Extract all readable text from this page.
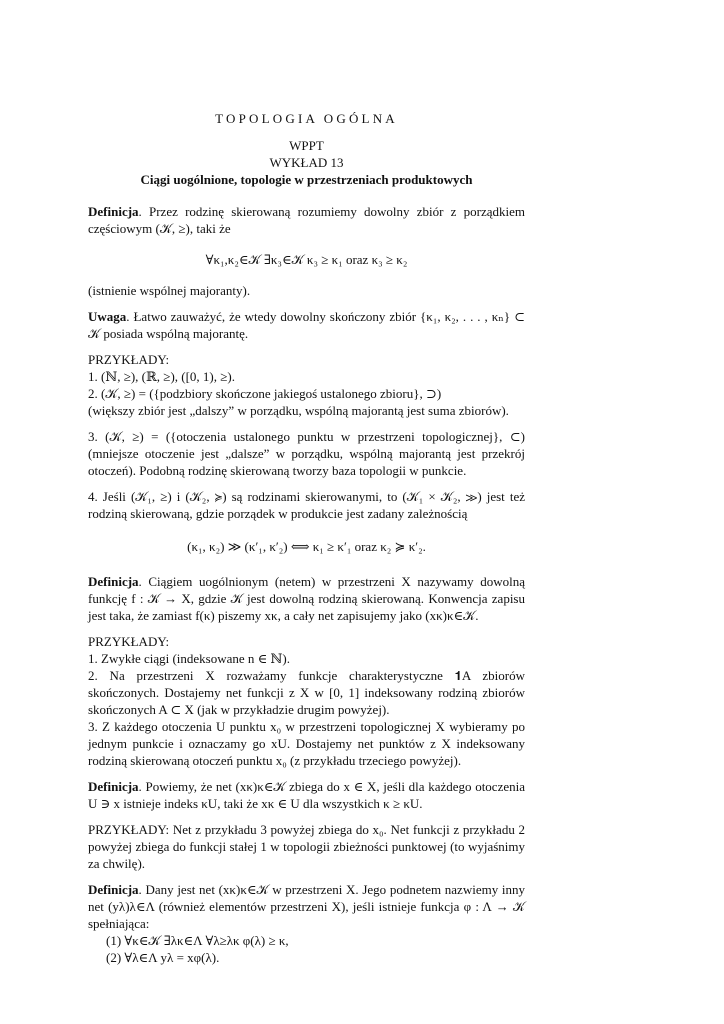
TOPOLOGIA OGÓLNA
WPPT
WYKŁAD 13
Ciągi uogólnione, topologie w przestrzeniach produktowych

Definicja. Przez rodzinę skierowaną rozumiemy dowolny zbiór z porządkiem częściowym (𝒦, ≥), taki że

∀κ₁,κ₂∈𝒦 ∃κ₃∈𝒦 κ₃ ≥ κ₁ oraz κ₃ ≥ κ₂

(istnienie wspólnej majoranty).

Uwaga. Łatwo zauważyć, że wtedy dowolny skończony zbiór {κ₁, κ₂, . . . , κₙ} ⊂ 𝒦 posiada wspólną majorantę.

PRZYKŁADY:

1. (ℕ, ≥), (ℝ, ≥), ([0, 1), ≥).

2. (𝒦, ≥) = ({podzbiory skończone jakiegoś ustalonego zbioru}, ⊃)

(większy zbiór jest „dalszy” w porządku, wspólną majorantą jest suma zbiorów).

3. (𝒦, ≥) = ({otoczenia ustalonego punktu w przestrzeni topologicznej}, ⊂) (mniejsze otoczenie jest „dalsze” w porządku, wspólną majorantą jest przekrój otoczeń). Podobną rodzinę skierowaną tworzy baza topologii w punkcie.

4. Jeśli (𝒦₁, ≥) i (𝒦₂, ≽) są rodzinami skierowanymi, to (𝒦₁ × 𝒦₂, ≫) jest też rodziną skierowaną, gdzie porządek w produkcie jest zadany zależnością

(κ₁, κ₂) ≫ (κ′₁, κ′₂) ⟺ κ₁ ≥ κ′₁ oraz κ₂ ≽ κ′₂.

Definicja. Ciągiem uogólnionym (netem) w przestrzeni X nazywamy dowolną funkcję f : 𝒦 → X, gdzie 𝒦 jest dowolną rodziną skierowaną. Konwencja zapisu jest taka, że zamiast f(κ) piszemy xκ, a cały net zapisujemy jako (xκ)κ∈𝒦.

PRZYKŁADY:

1. Zwykłe ciągi (indeksowane n ∈ ℕ).

2. Na przestrzeni X rozważamy funkcje charakterystyczne 𝟏A zbiorów skończonych. Dostajemy net funkcji z X w [0, 1] indeksowany rodziną zbiorów skończonych A ⊂ X (jak w przykładzie drugim powyżej).

3. Z każdego otoczenia U punktu x₀ w przestrzeni topologicznej X wybieramy po jednym punkcie i oznaczamy go xU. Dostajemy net punktów z X indeksowany rodziną skierowaną otoczeń punktu x₀ (z przykładu trzeciego powyżej).

Definicja. Powiemy, że net (xκ)κ∈𝒦 zbiega do x ∈ X, jeśli dla każdego otoczenia U ∋ x istnieje indeks κU, taki że xκ ∈ U dla wszystkich κ ≥ κU.

PRZYKŁADY: Net z przykładu 3 powyżej zbiega do x₀. Net funkcji z przykładu 2 powyżej zbiega do funkcji stałej 1 w topologii zbieżności punktowej (to wyjaśnimy za chwilę).

Definicja. Dany jest net (xκ)κ∈𝒦 w przestrzeni X. Jego podnetem nazwiemy inny net (yλ)λ∈Λ (również elementów przestrzeni X), jeśli istnieje funkcja φ : Λ → 𝒦 spełniająca:

(1) ∀κ∈𝒦 ∃λκ∈Λ ∀λ≥λκ φ(λ) ≥ κ,
(2) ∀λ∈Λ yλ = xφ(λ).
